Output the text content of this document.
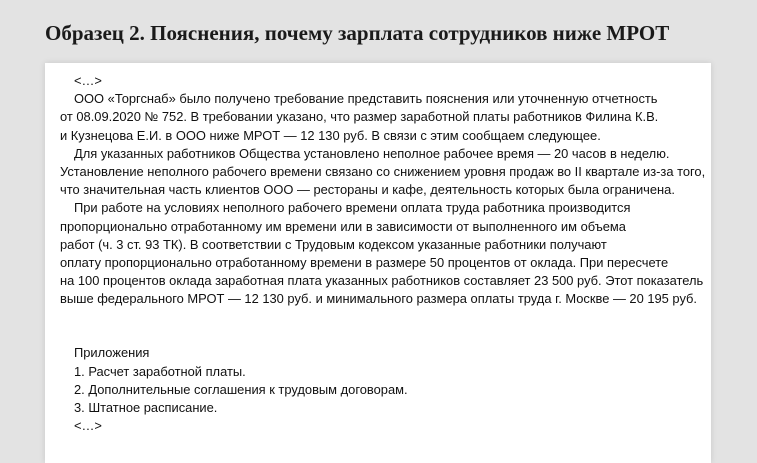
Образец 2. Пояснения, почему зарплата сотрудников ниже МРОТ
<…>
ООО «Торгснаб» было получено требование представить пояснения или уточненную отчетность
от 08.09.2020 № 752. В требовании указано, что размер заработной платы работников Филина К.В.
и Кузнецова Е.И. в ООО ниже МРОТ — 12 130 руб. В связи с этим сообщаем следующее.
Для указанных работников Общества установлено неполное рабочее время — 20 часов в неделю.
Установление неполного рабочего времени связано со снижением уровня продаж во II квартале из-за того,
что значительная часть клиентов ООО — рестораны и кафе, деятельность которых была ограничена.
При работе на условиях неполного рабочего времени оплата труда работника производится
пропорционально отработанному им времени или в зависимости от выполненного им объема
работ (ч. 3 ст. 93 ТК). В соответствии с Трудовым кодексом указанные работники получают
оплату пропорционально отработанному времени в размере 50 процентов от оклада. При пересчете
на 100 процентов оклада заработная плата указанных работников составляет 23 500 руб. Этот показатель
выше федерального МРОТ — 12 130 руб. и минимального размера оплаты труда г. Москве — 20 195 руб.
Приложения
1. Расчет заработной платы.
2. Дополнительные соглашения к трудовым договорам.
3. Штатное расписание.
<…>
